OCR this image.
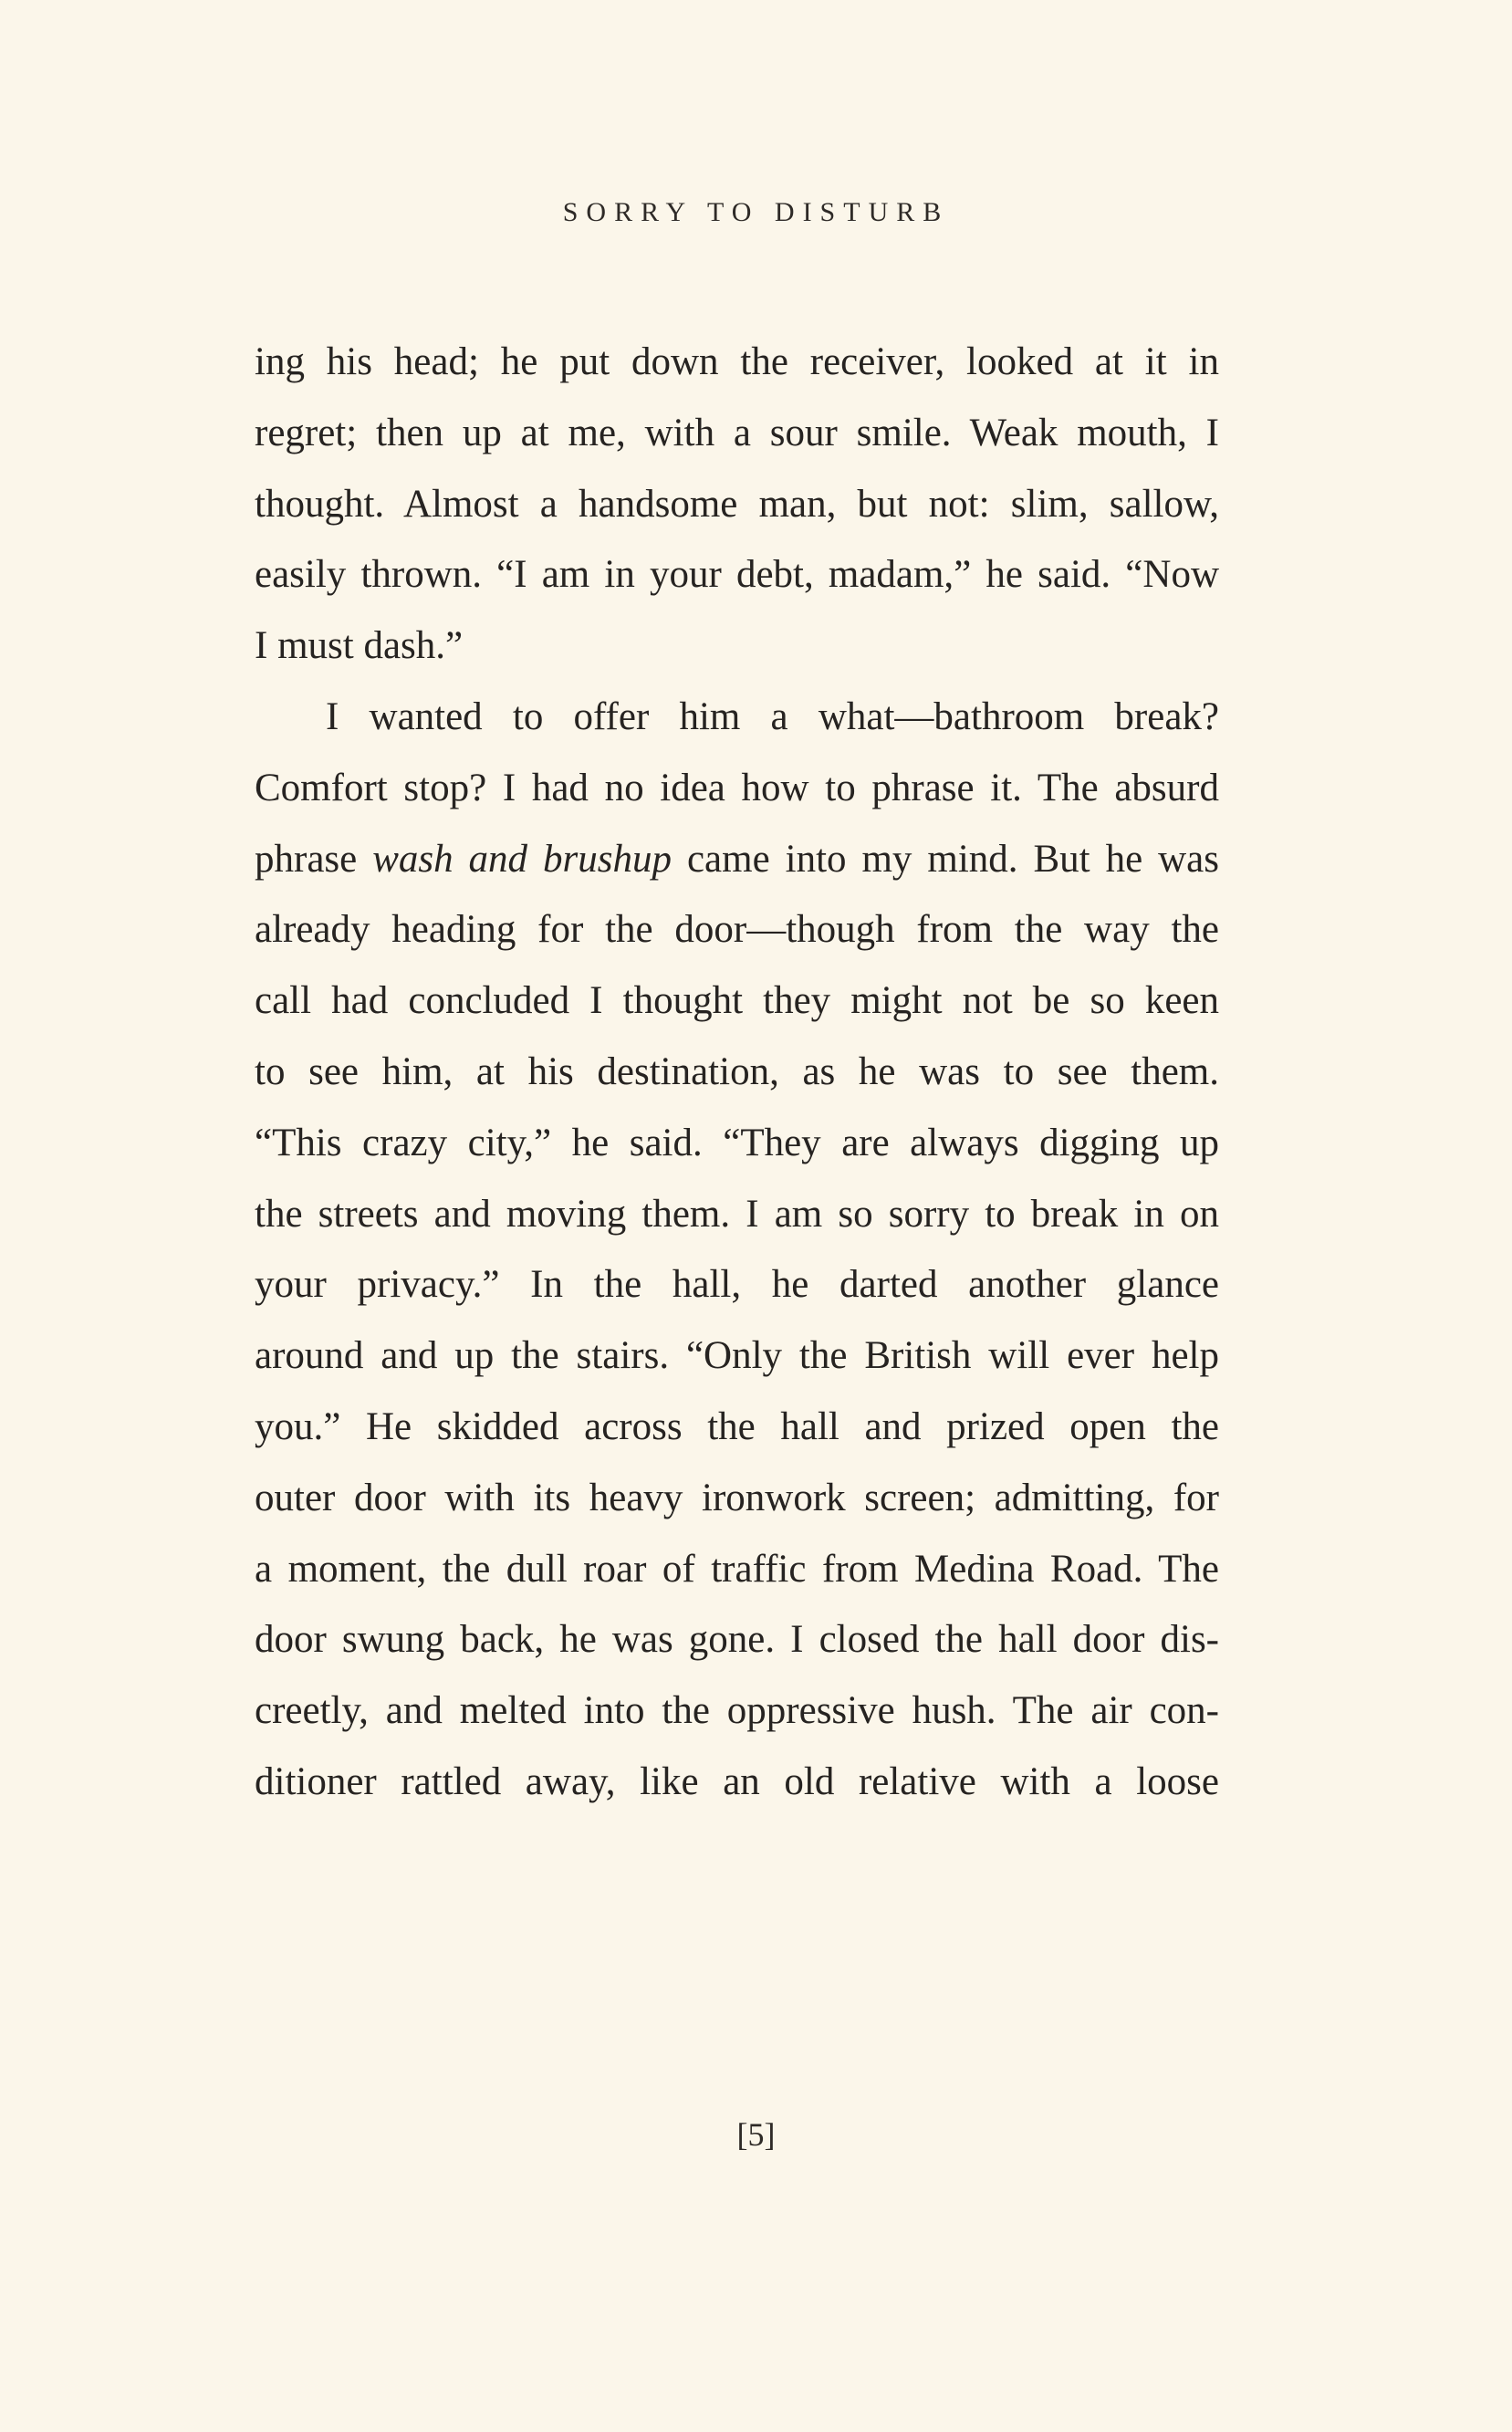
SORRY TO DISTURB
ing his head; he put down the receiver, looked at it in
regret; then up at me, with a sour smile. Weak mouth, I
thought. Almost a handsome man, but not: slim, sallow,
easily thrown. “I am in your debt, madam,” he said. “Now
I must dash.”
I wanted to offer him a what—bathroom break?
Comfort stop? I had no idea how to phrase it. The absurd
phrase wash and brushup came into my mind. But he was
already heading for the door—though from the way the
call had concluded I thought they might not be so keen
to see him, at his destination, as he was to see them.
“This crazy city,” he said. “They are always digging up
the streets and moving them. I am so sorry to break in on
your privacy.” In the hall, he darted another glance
around and up the stairs. “Only the British will ever help
you.” He skidded across the hall and prized open the
outer door with its heavy ironwork screen; admitting, for
a moment, the dull roar of traffic from Medina Road. The
door swung back, he was gone. I closed the hall door dis-
creetly, and melted into the oppressive hush. The air con-
ditioner rattled away, like an old relative with a loose
[5]
